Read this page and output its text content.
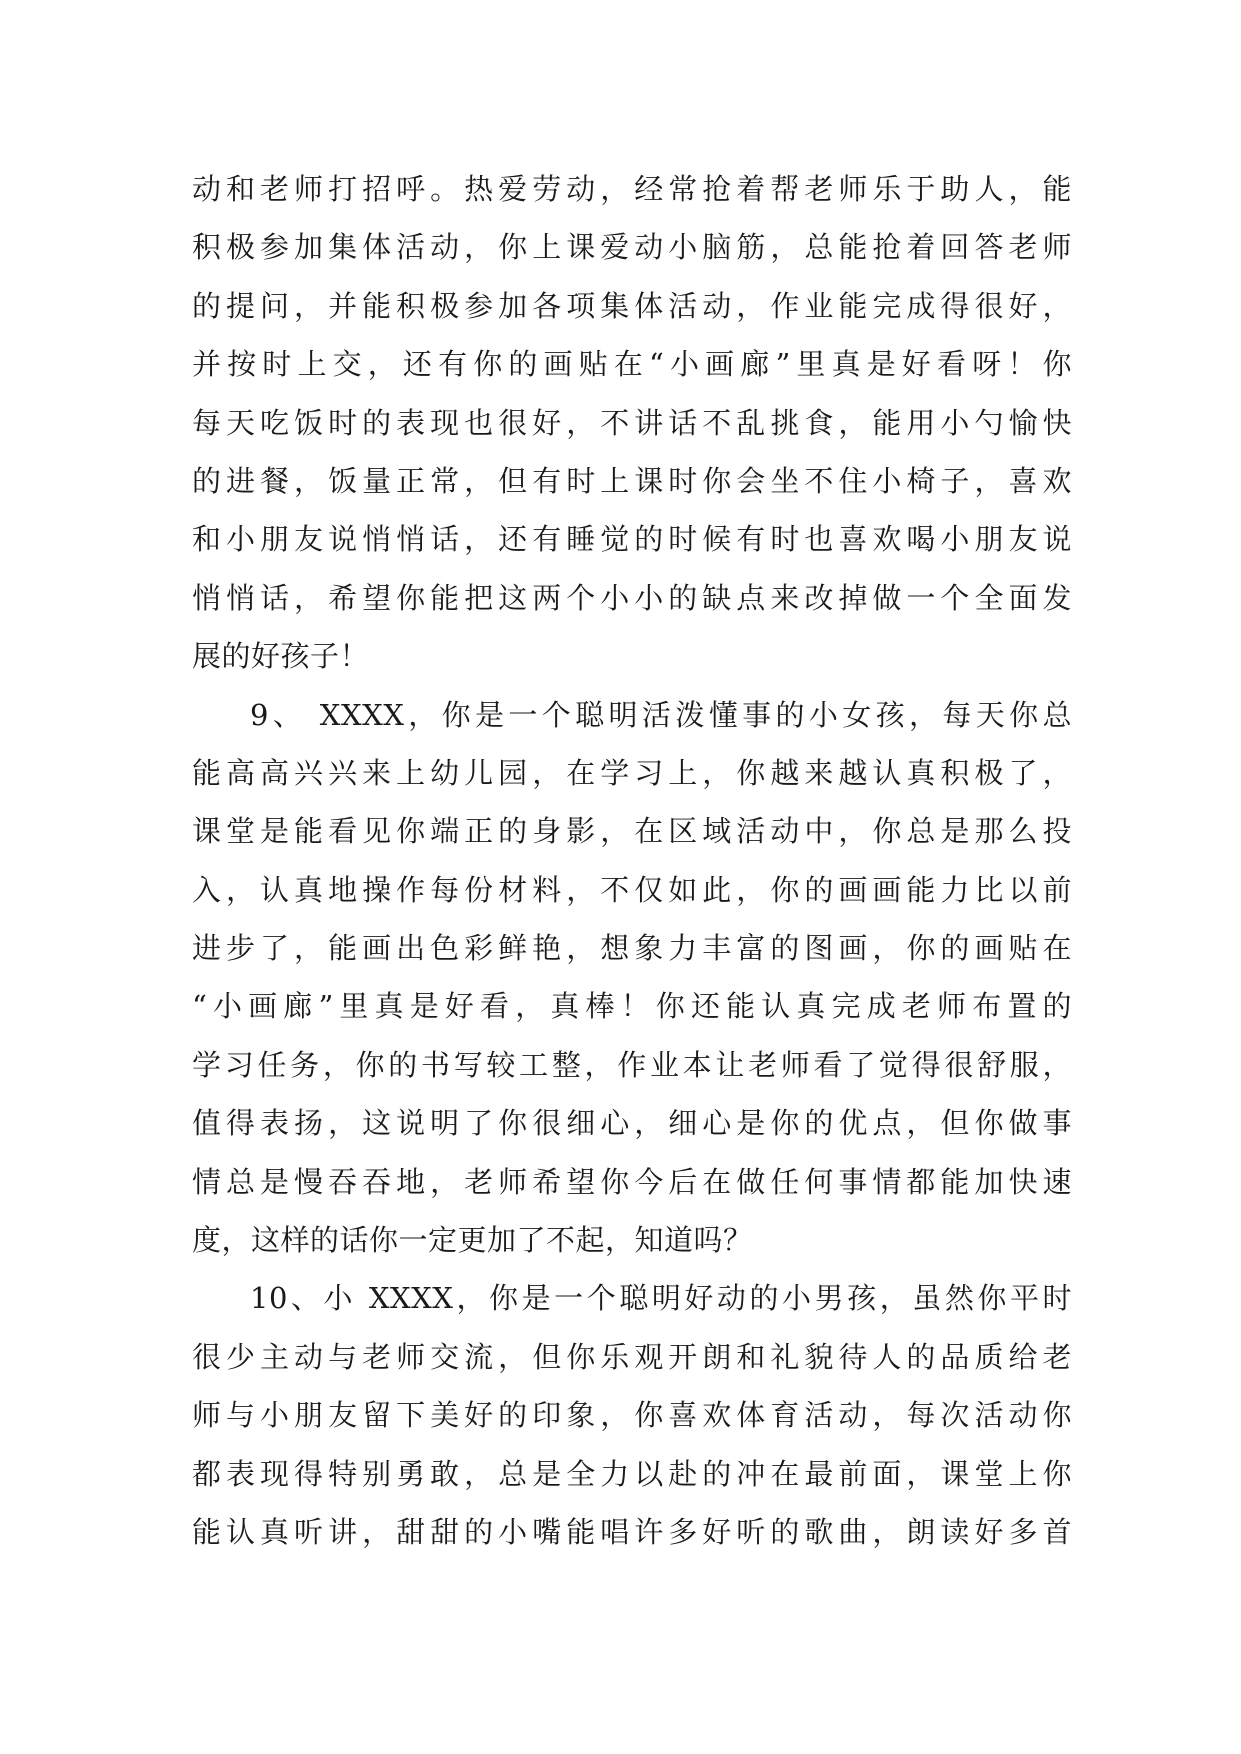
动和老师打招呼。热爱劳动，经常抢着帮老师乐于助人，能
积极参加集体活动，你上课爱动小脑筋，总能抢着回答老师
的提问，并能积极参加各项集体活动，作业能完成得很好，
并按时上交，还有你的画贴在“小画廊”里真是好看呀！你
每天吃饭时的表现也很好，不讲话不乱挑食，能用小勺愉快
的进餐，饭量正常，但有时上课时你会坐不住小椅子，喜欢
和小朋友说悄悄话，还有睡觉的时候有时也喜欢喝小朋友说
悄悄话，希望你能把这两个小小的缺点来改掉做一个全面发
展的好孩子！
9、 XXXX，你是一个聪明活泼懂事的小女孩，每天你总
能高高兴兴来上幼儿园，在学习上，你越来越认真积极了，
课堂是能看见你端正的身影，在区域活动中，你总是那么投
入，认真地操作每份材料，不仅如此，你的画画能力比以前
进步了，能画出色彩鲜艳，想象力丰富的图画，你的画贴在
“小画廊”里真是好看，真棒！你还能认真完成老师布置的
学习任务，你的书写较工整，作业本让老师看了觉得很舒服，
值得表扬，这说明了你很细心，细心是你的优点，但你做事
情总是慢吞吞地，老师希望你今后在做任何事情都能加快速
度，这样的话你一定更加了不起，知道吗？
10、小 XXXX，你是一个聪明好动的小男孩，虽然你平时
很少主动与老师交流，但你乐观开朗和礼貌待人的品质给老
师与小朋友留下美好的印象，你喜欢体育活动，每次活动你
都表现得特别勇敢，总是全力以赴的冲在最前面，课堂上你
能认真听讲，甜甜的小嘴能唱许多好听的歌曲，朗读好多首
